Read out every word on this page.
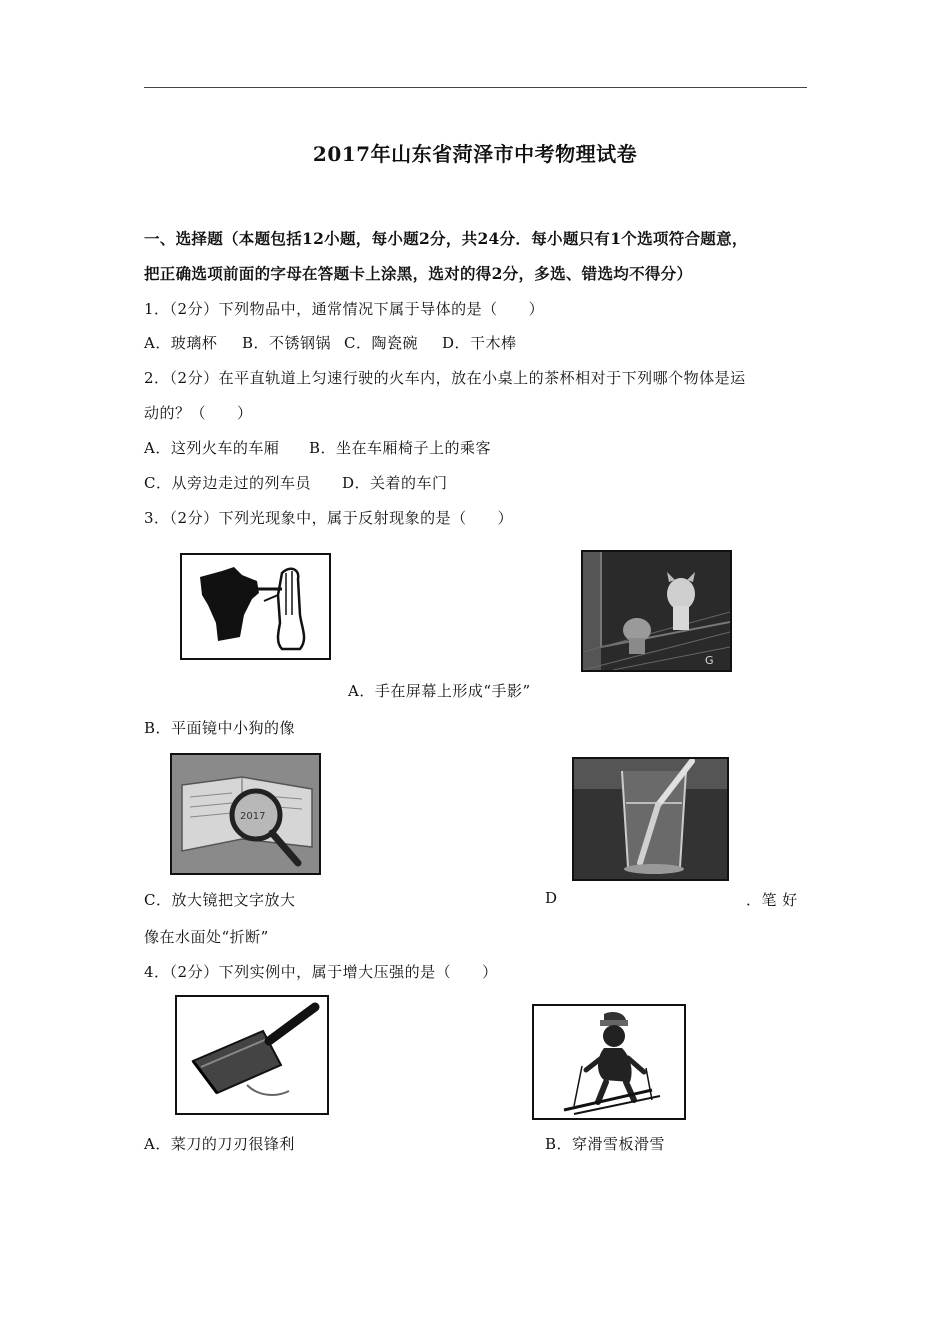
2017年山东省菏泽市中考物理试卷
一、选择题（本题包括12小题，每小题2分，共24分．每小题只有1个选项符合题意，
把正确选项前面的字母在答题卡上涂黑，选对的得2分，多选、错选均不得分）
1．（2分）下列物品中，通常情况下属于导体的是（　　）
A．玻璃杯 B．不锈钢锅 C．陶瓷碗 D．干木棒
2．（2分）在平直轨道上匀速行驶的火车内，放在小桌上的茶杯相对于下列哪个物体是运
动的？（　　）
A．这列火车的车厢 B．坐在车厢椅子上的乘客
C．从旁边走过的列车员 D．关着的车门
3．（2分）下列光现象中，属于反射现象的是（　　）
G
A．手在屏幕上形成“手影”
B．平面镜中小狗的像
2017
C．放大镜把文字放大	D	．笔 好
像在水面处“折断”
4．（2分）下列实例中，属于增大压强的是（　　）
A．菜刀的刀刃很锋利	B．穿滑雪板滑雪
